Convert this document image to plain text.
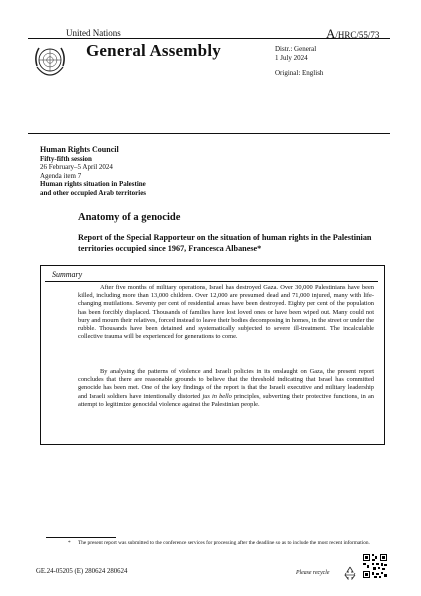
United Nations	A/HRC/55/73
General Assembly	Distr.: General
1 July 2024
Original: English
Human Rights Council
Fifty-fifth session
26 February–5 April 2024
Agenda item 7
Human rights situation in Palestine
and other occupied Arab territories
Anatomy of a genocide
Report of the Special Rapporteur on the situation of human rights in the Palestinian territories occupied since 1967, Francesca Albanese*
Summary
After five months of military operations, Israel has destroyed Gaza. Over 30,000 Palestinians have been killed, including more than 13,000 children. Over 12,000 are presumed dead and 71,000 injured, many with life-changing mutilations. Seventy per cent of residential areas have been destroyed. Eighty per cent of the population has been forcibly displaced. Thousands of families have lost loved ones or have been wiped out. Many could not bury and mourn their relatives, forced instead to leave their bodies decomposing in homes, in the street or under the rubble. Thousands have been detained and systematically subjected to severe ill-treatment. The incalculable collective trauma will be experienced for generations to come.
By analysing the patterns of violence and Israeli policies in its onslaught on Gaza, the present report concludes that there are reasonable grounds to believe that the threshold indicating that Israel has committed genocide has been met. One of the key findings of the report is that the Israeli executive and military leadership and Israeli soldiers have intentionally distorted jus in bello principles, subverting their protective functions, in an attempt to legitimize genocidal violence against the Palestinian people.
* The present report was submitted to the conference services for processing after the deadline so as to include the most recent information.
GE.24-05205 (E) 280624 280624	Please recycle
